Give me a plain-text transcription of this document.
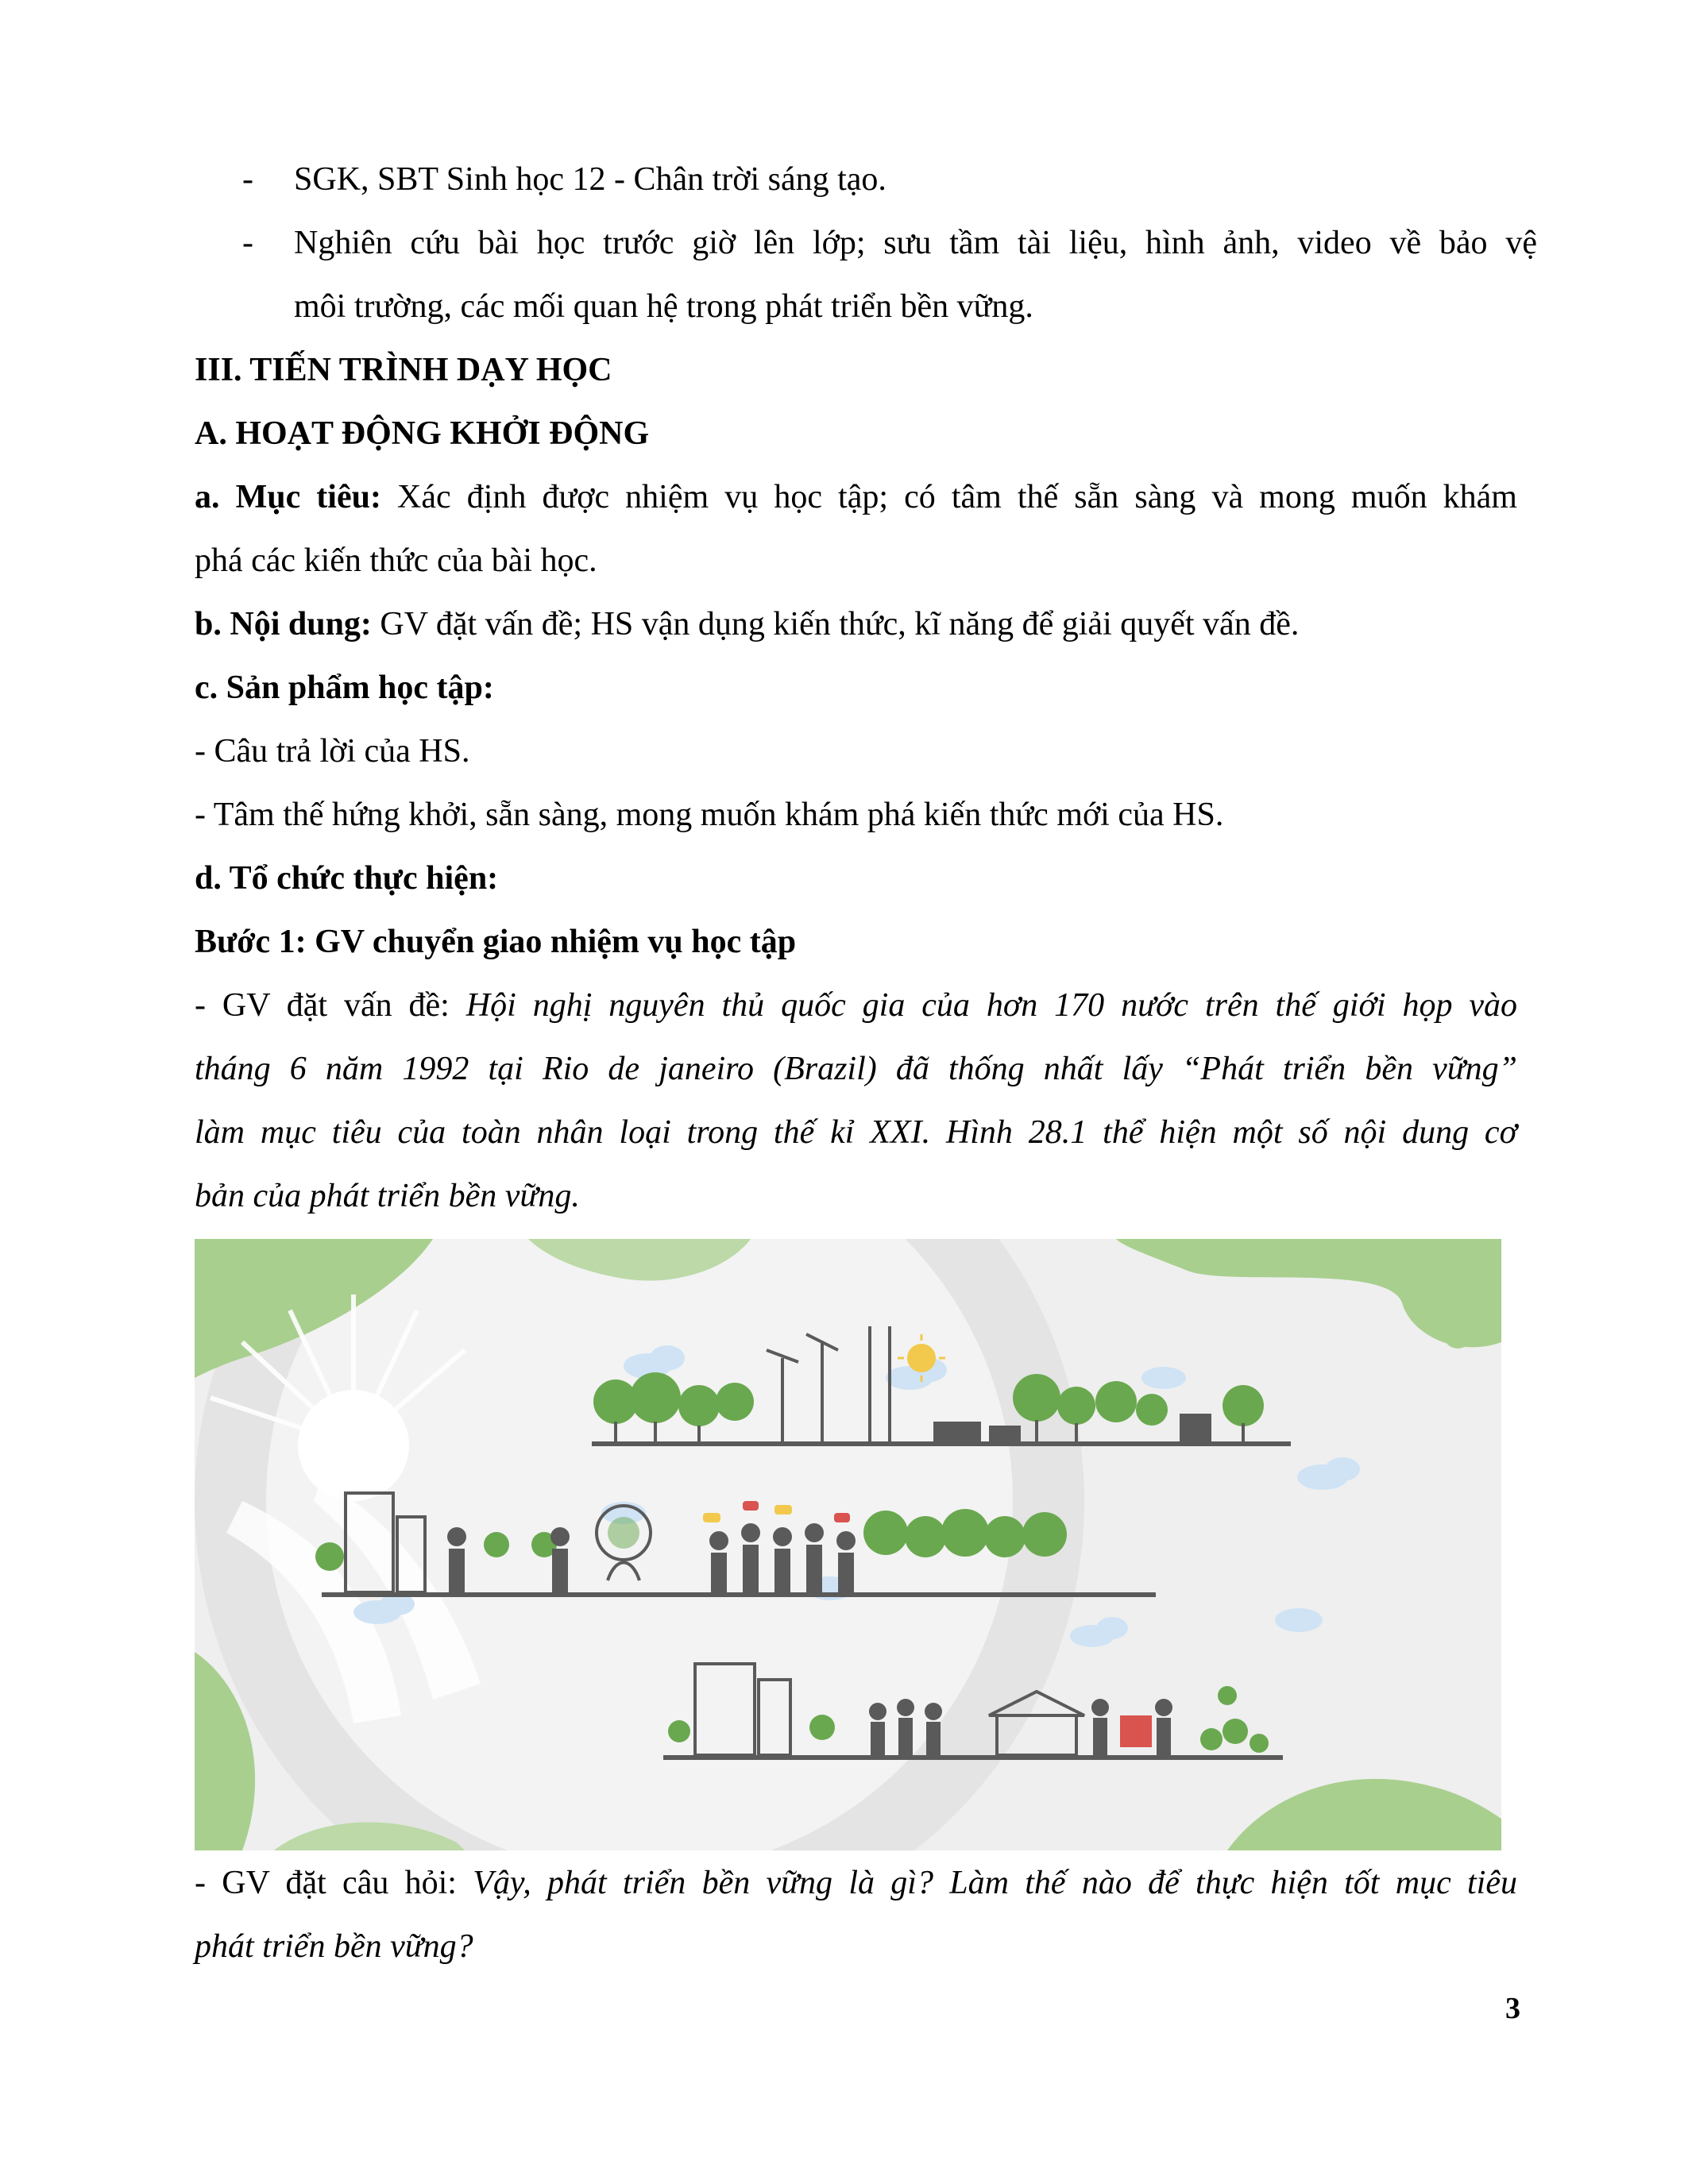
- SGK, SBT Sinh học 12 - Chân trời sáng tạo.
- Nghiên cứu bài học trước giờ lên lớp; sưu tầm tài liệu, hình ảnh, video về bảo vệ
môi trường, các mối quan hệ trong phát triển bền vững.
III. TIẾN TRÌNH DẠY HỌC
A. HOẠT ĐỘNG KHỞI ĐỘNG
a. Mục tiêu: Xác định được nhiệm vụ học tập; có tâm thế sẵn sàng và mong muốn khám
phá các kiến thức của bài học.
b. Nội dung: GV đặt vấn đề; HS vận dụng kiến thức, kĩ năng để giải quyết vấn đề.
c. Sản phẩm học tập:
- Câu trả lời của HS.
- Tâm thế hứng khởi, sẵn sàng, mong muốn khám phá kiến thức mới của HS.
d. Tổ chức thực hiện:
Bước 1: GV chuyển giao nhiệm vụ học tập
- GV đặt vấn đề: Hội nghị nguyên thủ quốc gia của hơn 170 nước trên thế giới họp vào
tháng 6 năm 1992 tại Rio de janeiro (Brazil) đã thống nhất lấy “Phát triển bền vững”
làm mục tiêu của toàn nhân loại trong thế kỉ XXI. Hình 28.1 thể hiện một số nội dung cơ
bản của phát triển bền vững.
- GV đặt câu hỏi: Vậy, phát triển bền vững là gì? Làm thế nào để thực hiện tốt mục tiêu
phát triển bền vững?
3
